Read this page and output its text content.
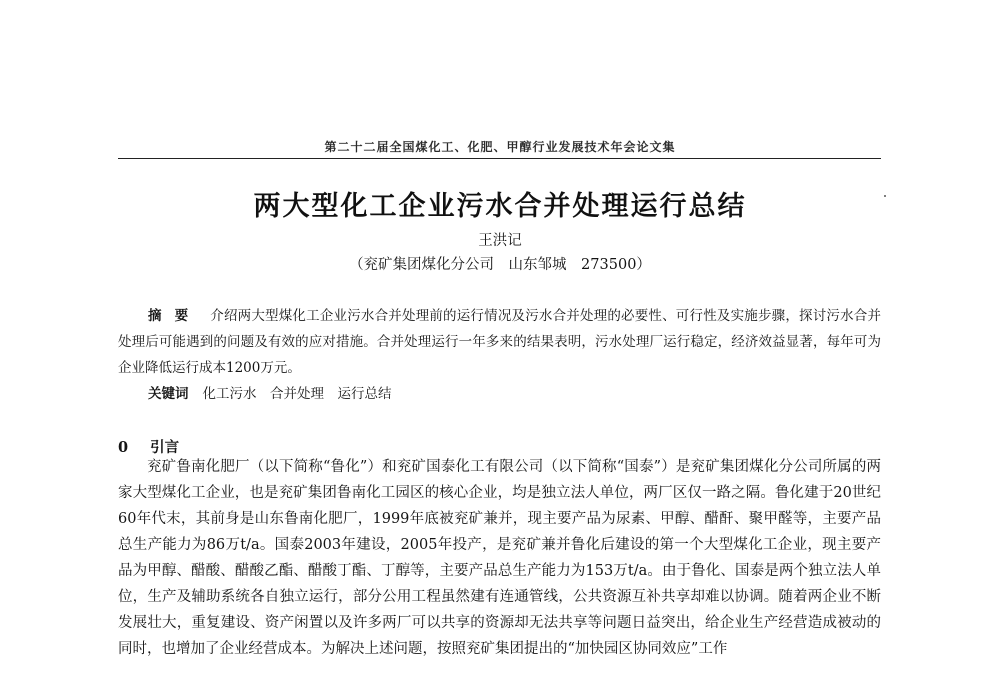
第二十二届全国煤化工、化肥、甲醇行业发展技术年会论文集
两大型化工企业污水合并处理运行总结
王洪记
（兖矿集团煤化分公司　山东邹城　273500）
摘 要 介绍两大型煤化工企业污水合并处理前的运行情况及污水合并处理的必要性、可行性及实施步骤，探讨污水合并处理后可能遇到的问题及有效的应对措施。合并处理运行一年多来的结果表明，污水处理厂运行稳定，经济效益显著，每年可为企业降低运行成本1200万元。
关键词 化工污水　合并处理　运行总结
0 引言

兖矿鲁南化肥厂（以下简称“鲁化”）和兖矿国泰化工有限公司（以下简称“国泰”）是兖矿集团煤化分公司所属的两家大型煤化工企业，也是兖矿集团鲁南化工园区的核心企业，均是独立法人单位，两厂区仅一路之隔。鲁化建于20世纪60年代末，其前身是山东鲁南化肥厂，1999年底被兖矿兼并，现主要产品为尿素、甲醇、醋酐、聚甲醛等，主要产品总生产能力为86万t/a。国泰2003年建设，2005年投产，是兖矿兼并鲁化后建设的第一个大型煤化工企业，现主要产品为甲醇、醋酸、醋酸乙酯、醋酸丁酯、丁醇等，主要产品总生产能力为153万t/a。由于鲁化、国泰是两个独立法人单位，生产及辅助系统各自独立运行，部分公用工程虽然建有连通管线，公共资源互补共享却难以协调。随着两企业不断发展壮大，重复建设、资产闲置以及许多两厂可以共享的资源却无法共享等问题日益突出，给企业生产经营造成被动的同时，也增加了企业经营成本。为解决上述问题，按照兖矿集团提出的“加快园区协同效应”工作
